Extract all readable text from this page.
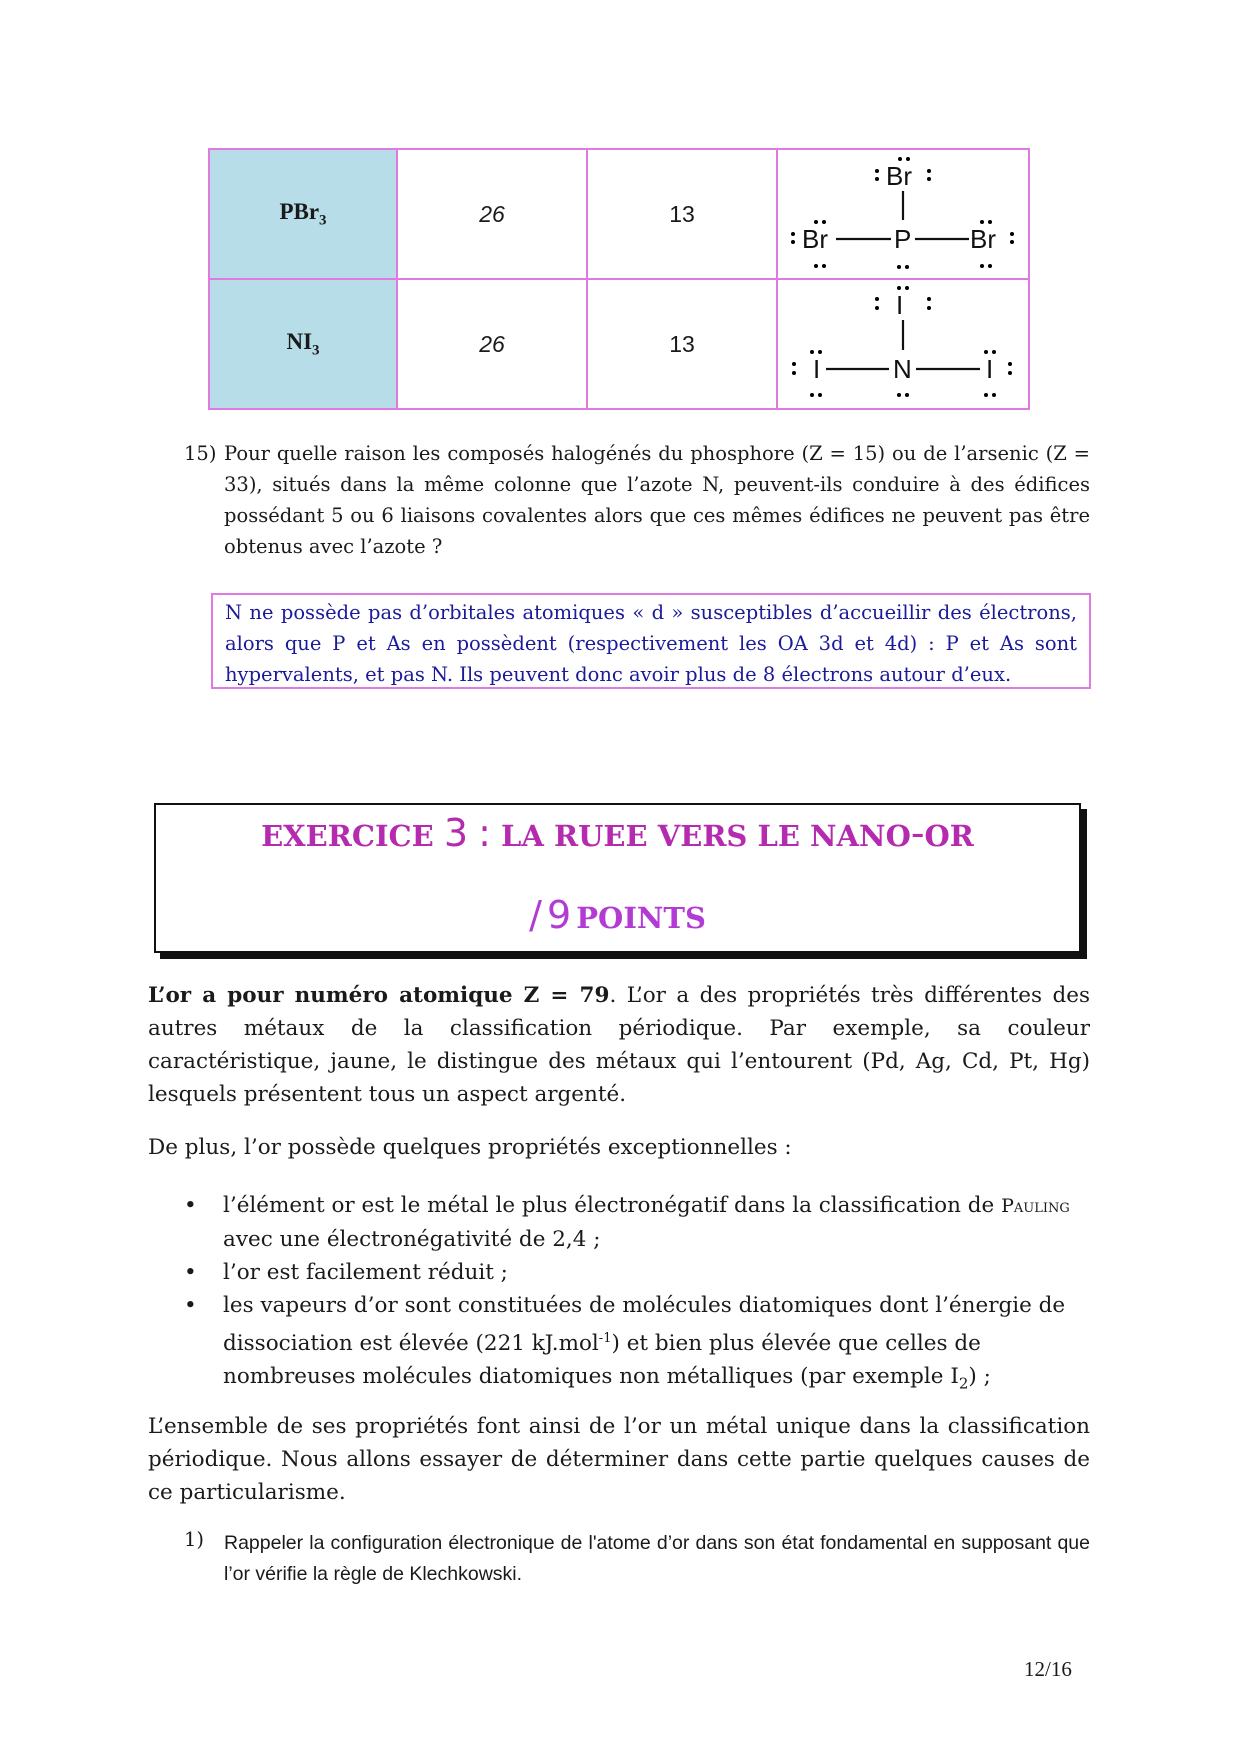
PBr$_3$	26	13	Br
P
Br Br

$NI_3$	26	13	I
N
I I
15) Pour quelle raison les composés halogénés du phosphore (Z = 15) ou de l’arsenic (Z = 33), situés dans la même colonne que l’azote N, peuvent-ils conduire à des édifices possédant 5 ou 6 liaisons covalentes alors que ces mêmes édifices ne peuvent pas être obtenus avec l’azote ?
N ne possède pas d’orbitales atomiques « d » susceptibles d’accueillir des électrons, alors que P et As en possèdent (respectivement les OA 3d et 4d) : P et As sont hypervalents, et pas N. Ils peuvent donc avoir plus de 8 électrons autour d’eux.
EXERCICE 3 : LA RUEE VERS LE NANO-OR
/ 9 POINTS
L’or a pour numéro atomique Z = 79. L’or a des propriétés très différentes des autres métaux de la classification périodique. Par exemple, sa couleur caractéristique, jaune, le distingue des métaux qui l’entourent (Pd, Ag, Cd, Pt, Hg) lesquels présentent tous un aspect argenté.
De plus, l’or possède quelques propriétés exceptionnelles :
• l’élément or est le métal le plus électronégatif dans la classification de Pauling
avec une électronégativité de 2,4 ;
• l’or est facilement réduit ;
• les vapeurs d’or sont constituées de molécules diatomiques dont l’énergie de dissociation est élevée (221 kJ.mol$^{-1}$) et bien plus élevée que celles de nombreuses molécules diatomiques non métalliques (par exemple $I_2$) ;
L’ensemble de ses propriétés font ainsi de l’or un métal unique dans la classification périodique. Nous allons essayer de déterminer dans cette partie quelques causes de ce particularisme.
1) Rappeler la configuration électronique de l'atome d’or dans son état fondamental en supposant que l’or vérifie la règle de Klechkowski.
12/16
